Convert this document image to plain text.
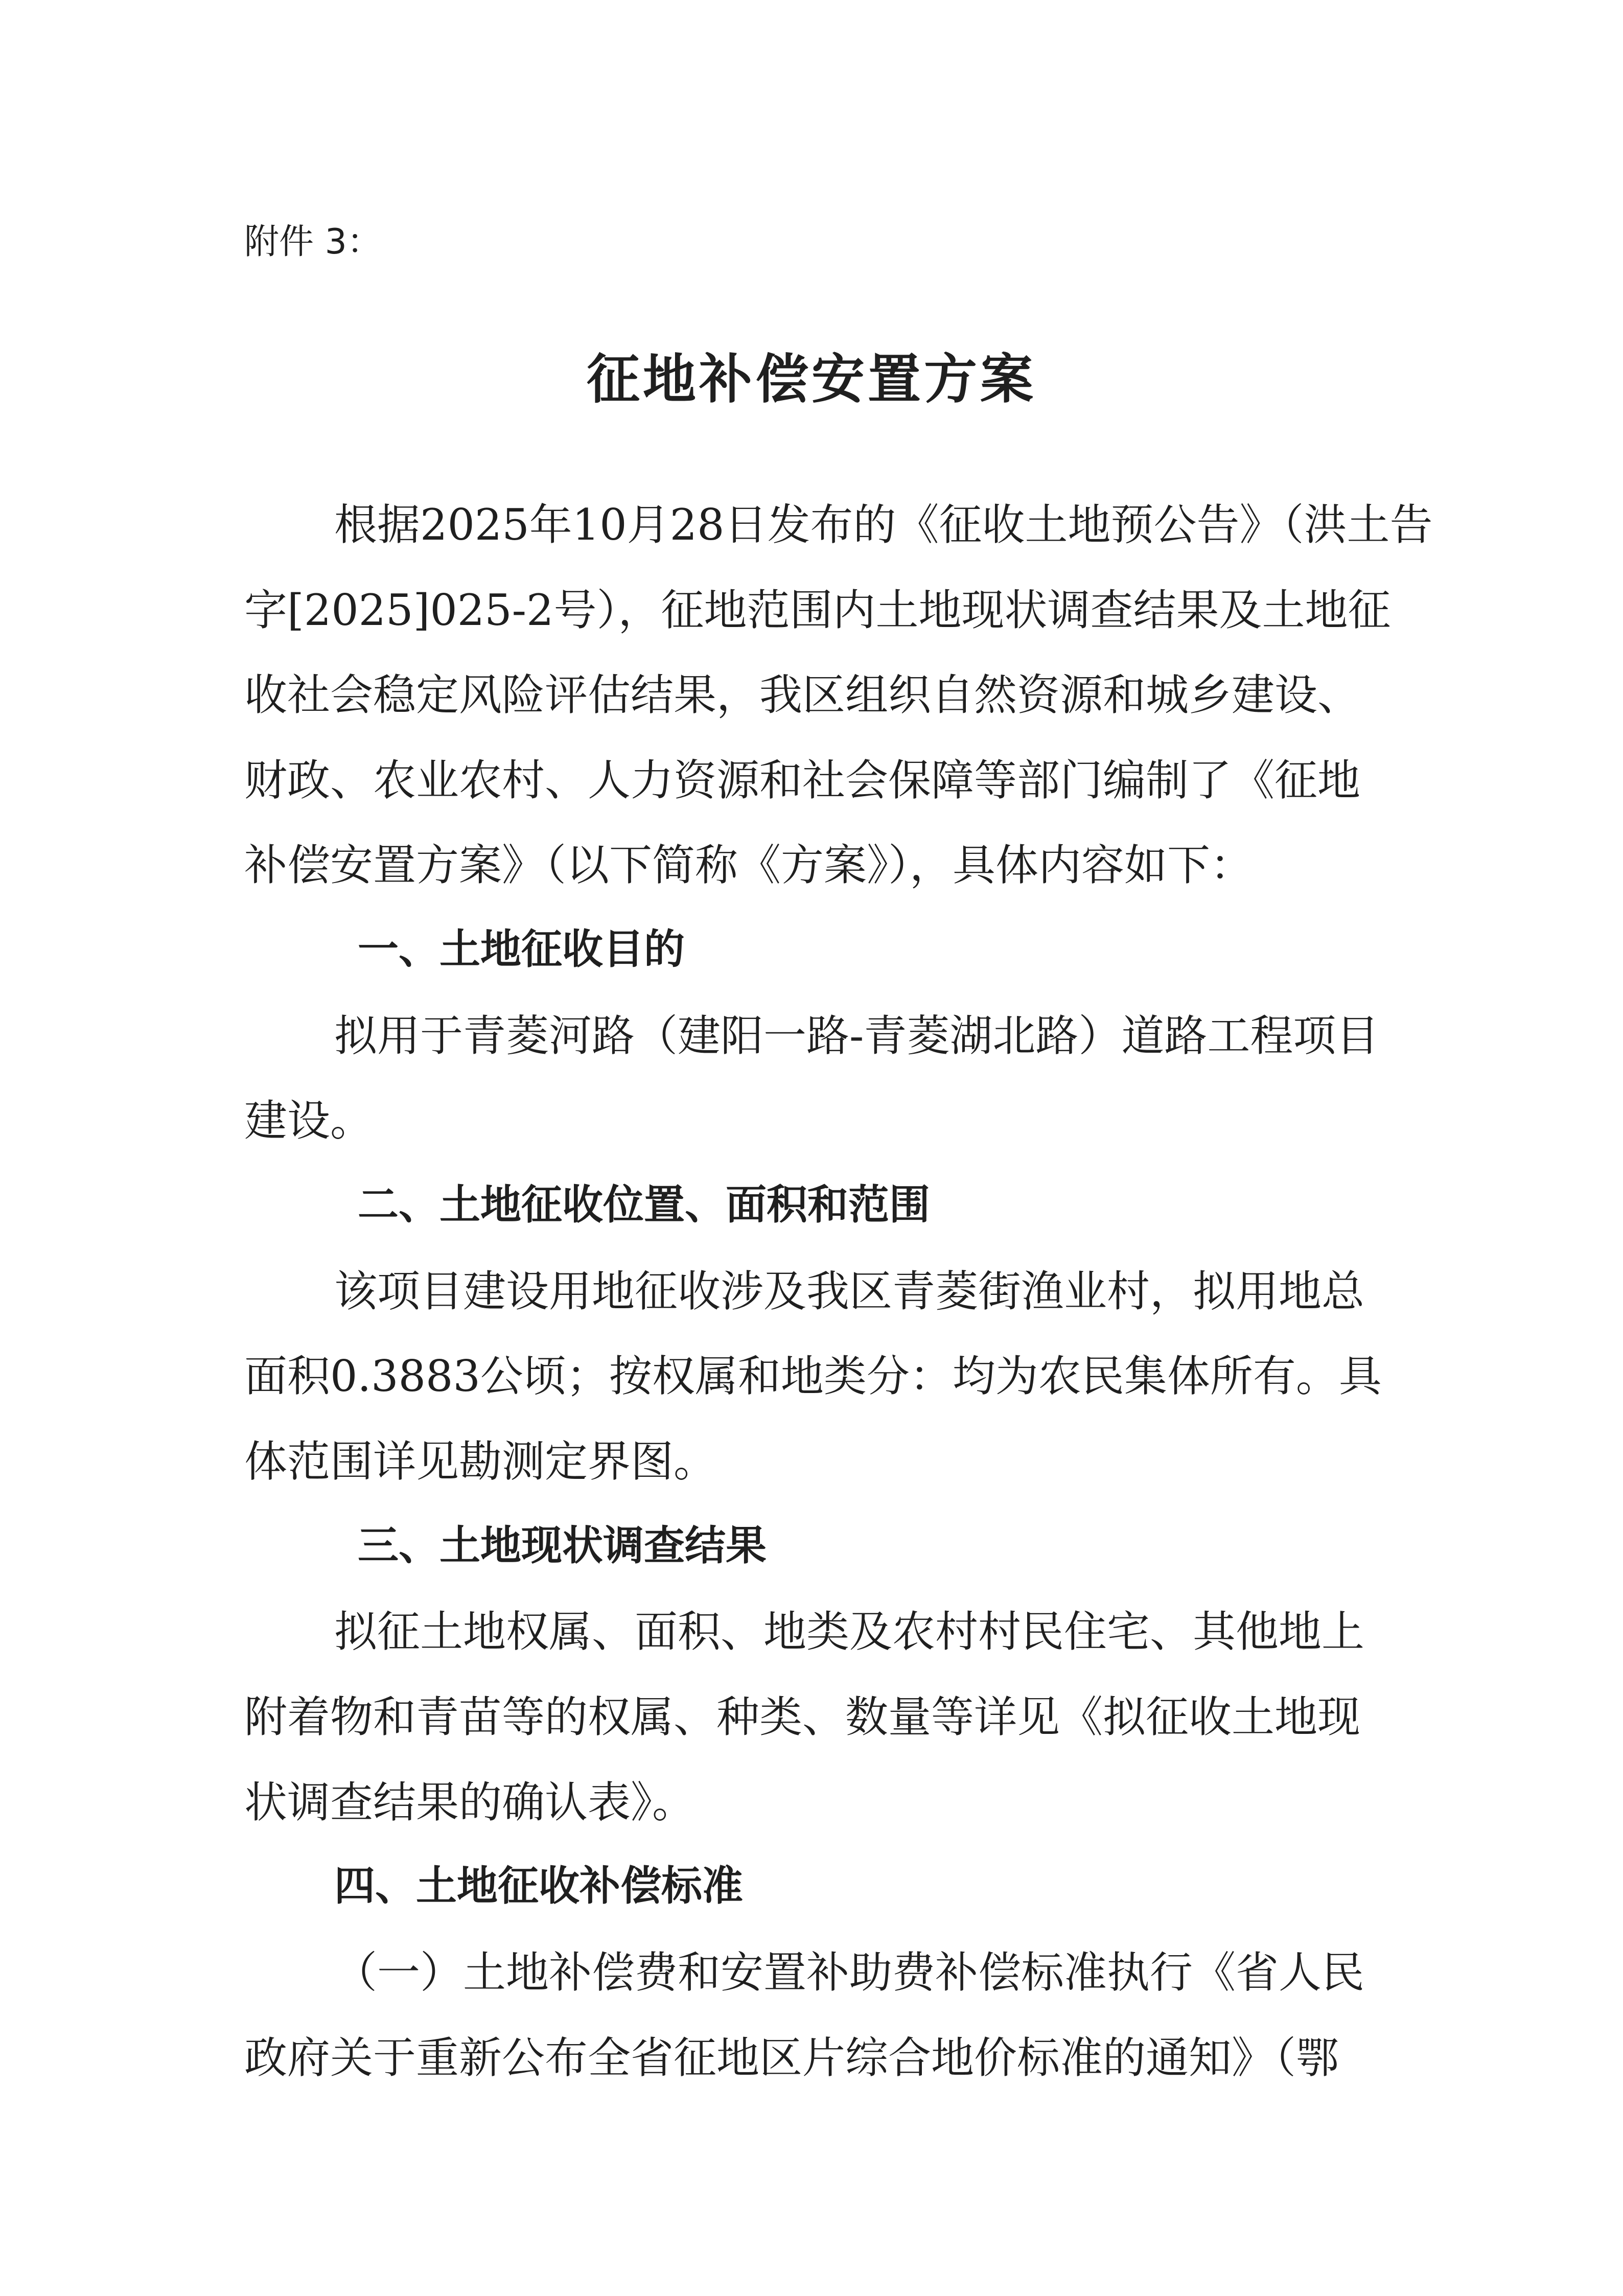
附件 3：
征地补偿安置方案
根据2025年10月28日发布的《征收土地预公告》（洪土告
字[2025]025-2号），征地范围内土地现状调查结果及土地征
收社会稳定风险评估结果，我区组织自然资源和城乡建设、
财政、农业农村、人力资源和社会保障等部门编制了《征地
补偿安置方案》（以下简称《方案》），具体内容如下：
一、土地征收目的
拟用于青菱河路（建阳一路-青菱湖北路）道路工程项目
建设。
二、土地征收位置、面积和范围
该项目建设用地征收涉及我区青菱街渔业村，拟用地总
面积0.3883公顷；按权属和地类分：均为农民集体所有。具
体范围详见勘测定界图。
三、土地现状调查结果
拟征土地权属、面积、地类及农村村民住宅、其他地上
附着物和青苗等的权属、种类、数量等详见《拟征收土地现
状调查结果的确认表》。
四、土地征收补偿标准
（一）土地补偿费和安置补助费补偿标准执行《省人民
政府关于重新公布全省征地区片综合地价标准的通知》（鄂
